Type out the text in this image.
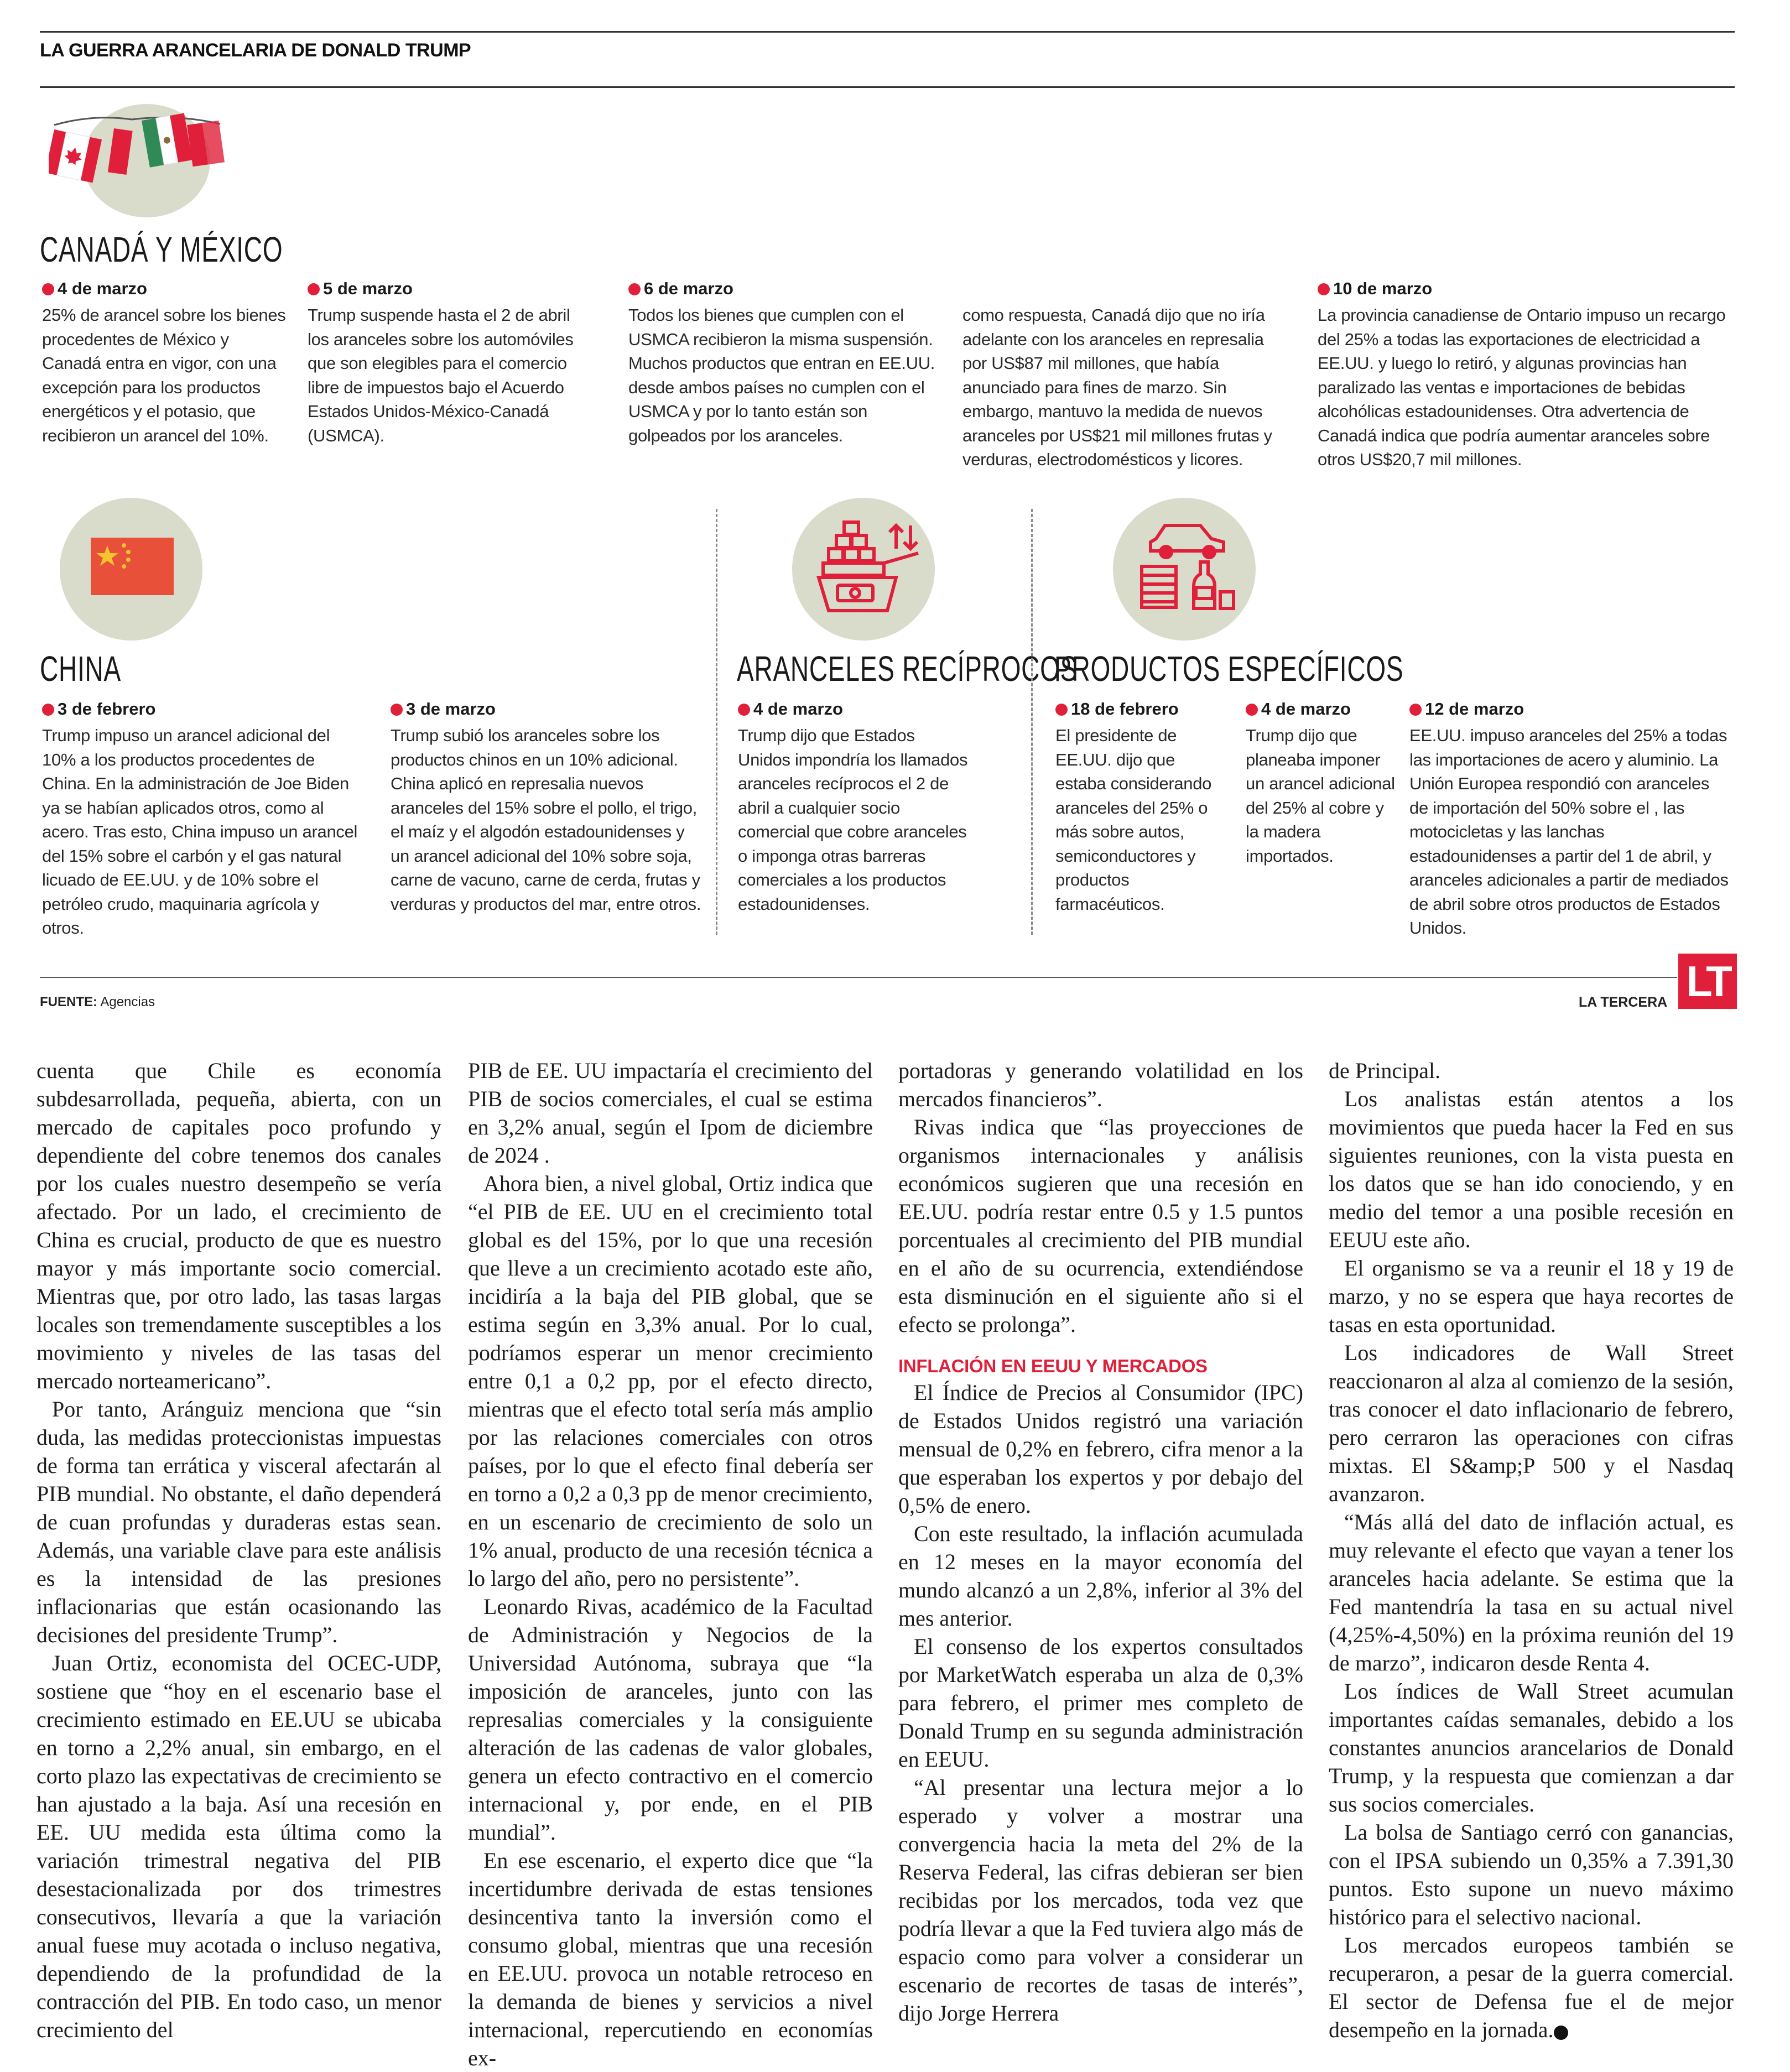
LA GUERRA ARANCELARIA DE DONALD TRUMP
CANADÁ Y MÉXICO
4 de marzo
25% de arancel sobre los bienes procedentes de México y Canadá entra en vigor, con una excepción para los productos energéticos y el potasio, que recibieron un arancel del 10%.
5 de marzo
Trump suspende hasta el 2 de abril los aranceles sobre los automóviles que son elegibles para el comercio libre de impuestos bajo el Acuerdo Estados Unidos-México-Canadá (USMCA).
6 de marzo
Todos los bienes que cumplen con el USMCA recibieron la misma suspensión. Muchos productos que entran en EE.UU. desde ambos países no cumplen con el USMCA y por lo tanto están son golpeados por los aranceles.
como respuesta, Canadá dijo que no iría adelante con los aranceles en represalia por US$87 mil millones, que había anunciado para fines de marzo. Sin embargo, mantuvo la medida de nuevos aranceles por US$21 mil millones frutas y verduras, electrodomésticos y licores.
10 de marzo
La provincia canadiense de Ontario impuso un recargo del 25% a todas las exportaciones de electricidad a EE.UU. y luego lo retiró, y algunas provincias han paralizado las ventas e importaciones de bebidas alcohólicas estadounidenses. Otra advertencia de Canadá indica que podría aumentar aranceles sobre otros US$20,7 mil millones.
CHINA
3 de febrero
Trump impuso un arancel adicional del 10% a los productos procedentes de China. En la administración de Joe Biden ya se habían aplicados otros, como al acero. Tras esto, China impuso un arancel del 15% sobre el carbón y el gas natural licuado de EE.UU. y de 10% sobre el petróleo crudo, maquinaria agrícola y otros.
3 de marzo
Trump subió los aranceles sobre los productos chinos en un 10% adicional. China aplicó en represalia nuevos aranceles del 15% sobre el pollo, el trigo, el maíz y el algodón estadounidenses y un arancel adicional del 10% sobre soja, carne de vacuno, carne de cerda, frutas y verduras y productos del mar, entre otros.
ARANCELES RECÍPROCOS
4 de marzo
Trump dijo que Estados Unidos impondría los llamados aranceles recíprocos el 2 de abril a cualquier socio comercial que cobre aranceles o imponga otras barreras comerciales a los productos estadounidenses.
PRODUCTOS ESPECÍFICOS
18 de febrero
El presidente de EE.UU. dijo que estaba considerando aranceles del 25% o más sobre autos, semiconductores y productos farmacéuticos.
4 de marzo
Trump dijo que planeaba imponer un arancel adicional del 25% al cobre y la madera importados.
12 de marzo
EE.UU. impuso aranceles del 25% a todas las importaciones de acero y aluminio. La Unión Europea respondió con aranceles de importación del 50% sobre el , las motocicletas y las lanchas estadounidenses a partir del 1 de abril, y aranceles adicionales a partir de mediados de abril sobre otros productos de Estados Unidos.
FUENTE: Agencias	LA TERCERA LT

cuenta que Chile es economía subdesarrollada, pequeña, abierta, con un mercado de capitales poco profundo y dependiente del cobre tenemos dos canales por los cuales nuestro desempeño se vería afectado. Por un lado, el crecimiento de China es crucial, producto de que es nuestro mayor y más importante socio comercial. Mientras que, por otro lado, las tasas largas locales son tremendamente susceptibles a los movimiento y niveles de las tasas del mercado norteamericano”.

Por tanto, Aránguiz menciona que “sin duda, las medidas proteccionistas impuestas de forma tan errática y visceral afectarán al PIB mundial. No obstante, el daño dependerá de cuan profundas y duraderas estas sean. Además, una variable clave para este análisis es la intensidad de las presiones inflacionarias que están ocasionando las decisiones del presidente Trump”.

Juan Ortiz, economista del OCEC-UDP, sostiene que “hoy en el escenario base el crecimiento estimado en EE.UU se ubicaba en torno a 2,2% anual, sin embargo, en el corto plazo las expectativas de crecimiento se han ajustado a la baja. Así una recesión en EE. UU medida esta última como la variación trimestral negativa del PIB desestacionalizada por dos trimestres consecutivos, llevaría a que la variación anual fuese muy acotada o incluso negativa, dependiendo de la profundidad de la contracción del PIB. En todo caso, un menor crecimiento del

PIB de EE. UU impactaría el crecimiento del PIB de socios comerciales, el cual se estima en 3,2% anual, según el Ipom de diciembre de 2024 .

Ahora bien, a nivel global, Ortiz indica que “el PIB de EE. UU en el crecimiento total global es del 15%, por lo que una recesión que lleve a un crecimiento acotado este año, incidiría a la baja del PIB global, que se estima según en 3,3% anual. Por lo cual, podríamos esperar un menor crecimiento entre 0,1 a 0,2 pp, por el efecto directo, mientras que el efecto total sería más amplio por las relaciones comerciales con otros países, por lo que el efecto final debería ser en torno a 0,2 a 0,3 pp de menor crecimiento, en un escenario de crecimiento de solo un 1% anual, producto de una recesión técnica a lo largo del año, pero no persistente”.

Leonardo Rivas, académico de la Facultad de Administración y Negocios de la Universidad Autónoma, subraya que “la imposición de aranceles, junto con las represalias comerciales y la consiguiente alteración de las cadenas de valor globales, genera un efecto contractivo en el comercio internacional y, por ende, en el PIB mundial”.

En ese escenario, el experto dice que “la incertidumbre derivada de estas tensiones desincentiva tanto la inversión como el consumo global, mientras que una recesión en EE.UU. provoca un notable retroceso en la demanda de bienes y servicios a nivel internacional, repercutiendo en economías ex-

portadoras y generando volatilidad en los mercados financieros”.

Rivas indica que “las proyecciones de organismos internacionales y análisis económicos sugieren que una recesión en EE.UU. podría restar entre 0.5 y 1.5 puntos porcentuales al crecimiento del PIB mundial en el año de su ocurrencia, extendiéndose esta disminución en el siguiente año si el efecto se prolonga”.

INFLACIÓN EN EEUU Y MERCADOS

El Índice de Precios al Consumidor (IPC) de Estados Unidos registró una variación mensual de 0,2% en febrero, cifra menor a la que esperaban los expertos y por debajo del 0,5% de enero.

Con este resultado, la inflación acumulada en 12 meses en la mayor economía del mundo alcanzó a un 2,8%, inferior al 3% del mes anterior.

El consenso de los expertos consultados por MarketWatch esperaba un alza de 0,3% para febrero, el primer mes completo de Donald Trump en su segunda administración en EEUU.

“Al presentar una lectura mejor a lo esperado y volver a mostrar una convergencia hacia la meta del 2% de la Reserva Federal, las cifras debieran ser bien recibidas por los mercados, toda vez que podría llevar a que la Fed tuviera algo más de espacio como para volver a considerar un escenario de recortes de tasas de interés”, dijo Jorge Herrera

de Principal.

Los analistas están atentos a los movimientos que pueda hacer la Fed en sus siguientes reuniones, con la vista puesta en los datos que se han ido conociendo, y en medio del temor a una posible recesión en EEUU este año.

El organismo se va a reunir el 18 y 19 de marzo, y no se espera que haya recortes de tasas en esta oportunidad.

Los indicadores de Wall Street reaccionaron al alza al comienzo de la sesión, tras conocer el dato inflacionario de febrero, pero cerraron las operaciones con cifras mixtas. El S&amp;P 500 y el Nasdaq avanzaron.

“Más allá del dato de inflación actual, es muy relevante el efecto que vayan a tener los aranceles hacia adelante. Se estima que la Fed mantendría la tasa en su actual nivel (4,25%-4,50%) en la próxima reunión del 19 de marzo”, indicaron desde Renta 4.

Los índices de Wall Street acumulan importantes caídas semanales, debido a los constantes anuncios arancelarios de Donald Trump, y la respuesta que comienzan a dar sus socios comerciales.

La bolsa de Santiago cerró con ganancias, con el IPSA subiendo un 0,35% a 7.391,30 puntos. Esto supone un nuevo máximo histórico para el selectivo nacional.

Los mercados europeos también se recuperaron, a pesar de la guerra comercial. El sector de Defensa fue el de mejor desempeño en la jornada. P
